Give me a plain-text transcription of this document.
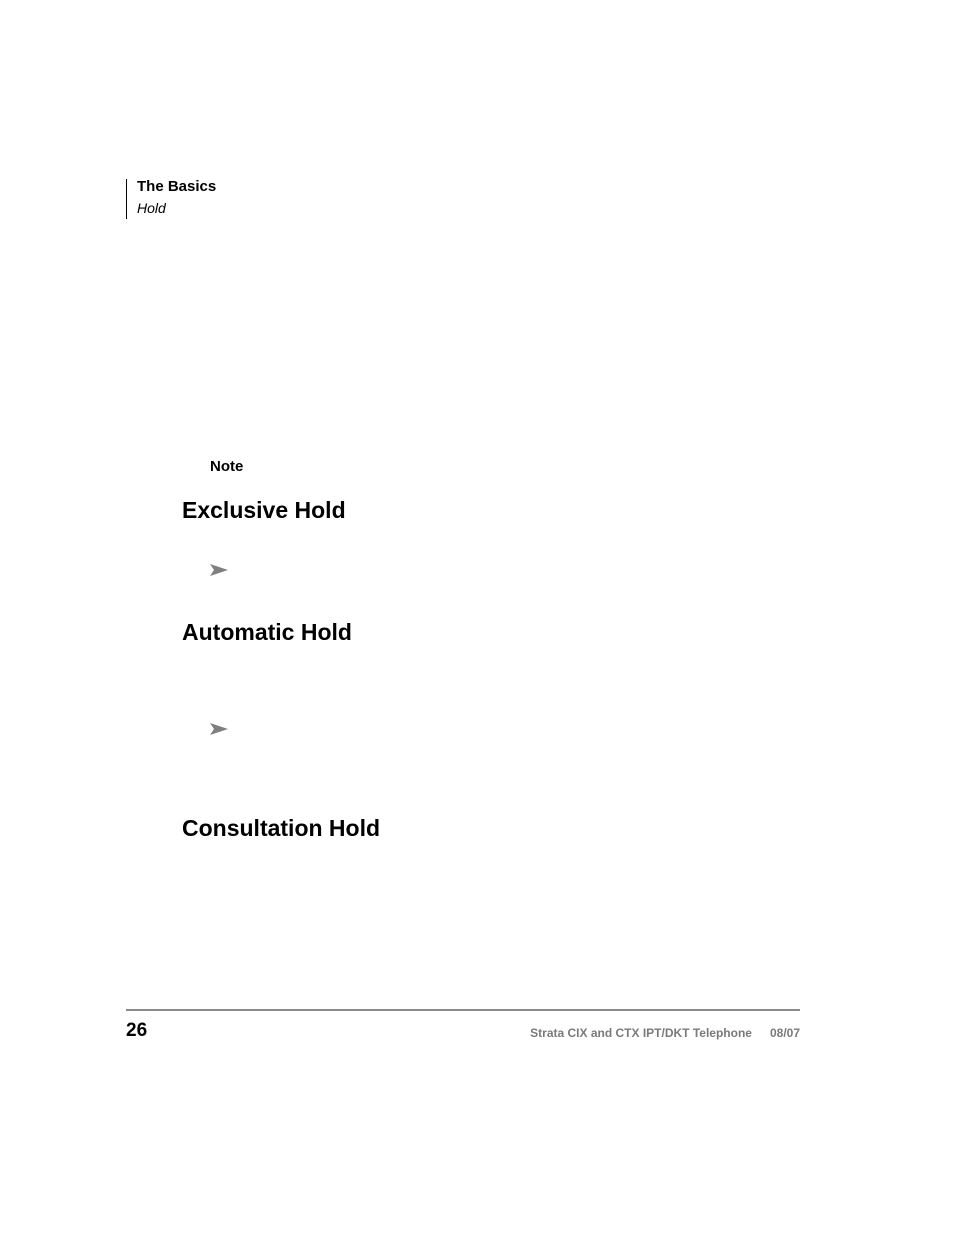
The Basics
Hold
Note
Exclusive Hold
Automatic Hold
Consultation Hold
26	Strata CIX and CTX IPT/DKT Telephone 08/07
